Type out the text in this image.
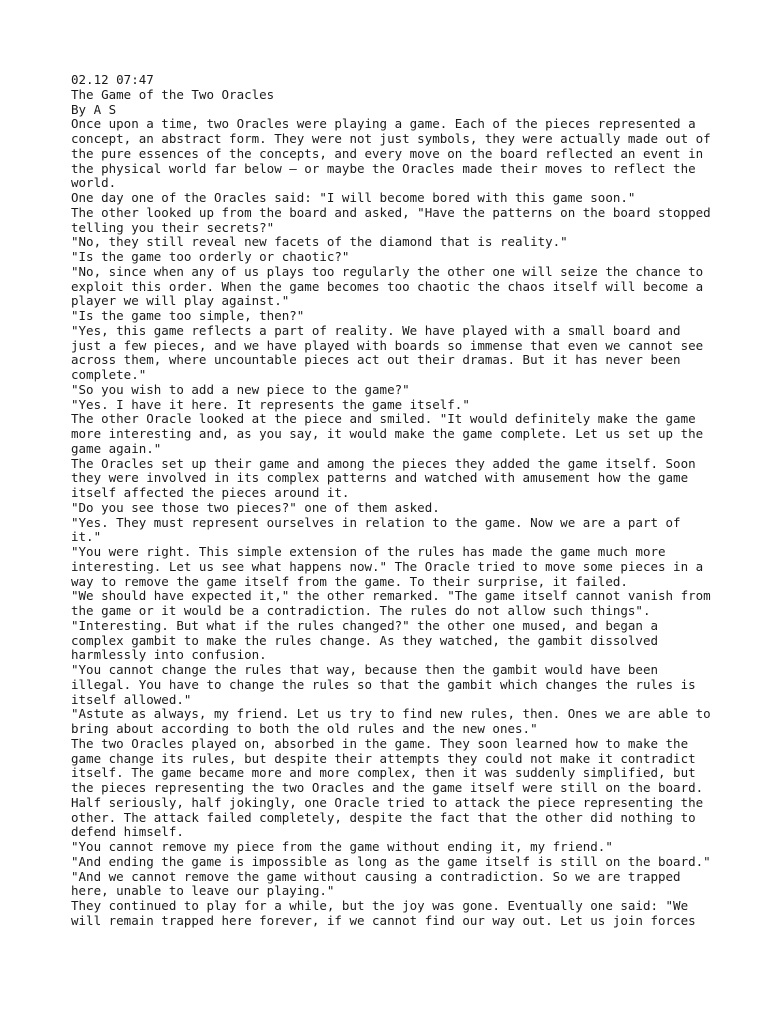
02.12 07:47
The Game of the Two Oracles
By A S
Once upon a time, two Oracles were playing a game. Each of the pieces represented a concept, an abstract form. They were not just symbols, they were actually made out of the pure essences of the concepts, and every move on the board reflected an event in the physical world far below — or maybe the Oracles made their moves to reflect the world.
One day one of the Oracles said: "I will become bored with this game soon."
The other looked up from the board and asked, "Have the patterns on the board stopped telling you their secrets?"
"No, they still reveal new facets of the diamond that is reality."
"Is the game too orderly or chaotic?"
"No, since when any of us plays too regularly the other one will seize the chance to exploit this order. When the game becomes too chaotic the chaos itself will become a player we will play against."
"Is the game too simple, then?"
"Yes, this game reflects a part of reality. We have played with a small board and just a few pieces, and we have played with boards so immense that even we cannot see across them, where uncountable pieces act out their dramas. But it has never been complete."
"So you wish to add a new piece to the game?"
"Yes. I have it here. It represents the game itself."
The other Oracle looked at the piece and smiled. "It would definitely make the game more interesting and, as you say, it would make the game complete. Let us set up the game again."
The Oracles set up their game and among the pieces they added the game itself. Soon they were involved in its complex patterns and watched with amusement how the game itself affected the pieces around it.
"Do you see those two pieces?" one of them asked.
"Yes. They must represent ourselves in relation to the game. Now we are a part of it."
"You were right. This simple extension of the rules has made the game much more interesting. Let us see what happens now." The Oracle tried to move some pieces in a way to remove the game itself from the game. To their surprise, it failed.
"We should have expected it," the other remarked. "The game itself cannot vanish from the game or it would be a contradiction. The rules do not allow such things".
"Interesting. But what if the rules changed?" the other one mused, and began a complex gambit to make the rules change. As they watched, the gambit dissolved harmlessly into confusion.
"You cannot change the rules that way, because then the gambit would have been illegal. You have to change the rules so that the gambit which changes the rules is itself allowed."
"Astute as always, my friend. Let us try to find new rules, then. Ones we are able to bring about according to both the old rules and the new ones."
The two Oracles played on, absorbed in the game. They soon learned how to make the game change its rules, but despite their attempts they could not make it contradict itself. The game became more and more complex, then it was suddenly simplified, but the pieces representing the two Oracles and the game itself were still on the board. Half seriously, half jokingly, one Oracle tried to attack the piece representing the other. The attack failed completely, despite the fact that the other did nothing to defend himself.
"You cannot remove my piece from the game without ending it, my friend."
"And ending the game is impossible as long as the game itself is still on the board."
"And we cannot remove the game without causing a contradiction. So we are trapped here, unable to leave our playing."
They continued to play for a while, but the joy was gone. Eventually one said: "We will remain trapped here forever, if we cannot find our way out. Let us join forces
